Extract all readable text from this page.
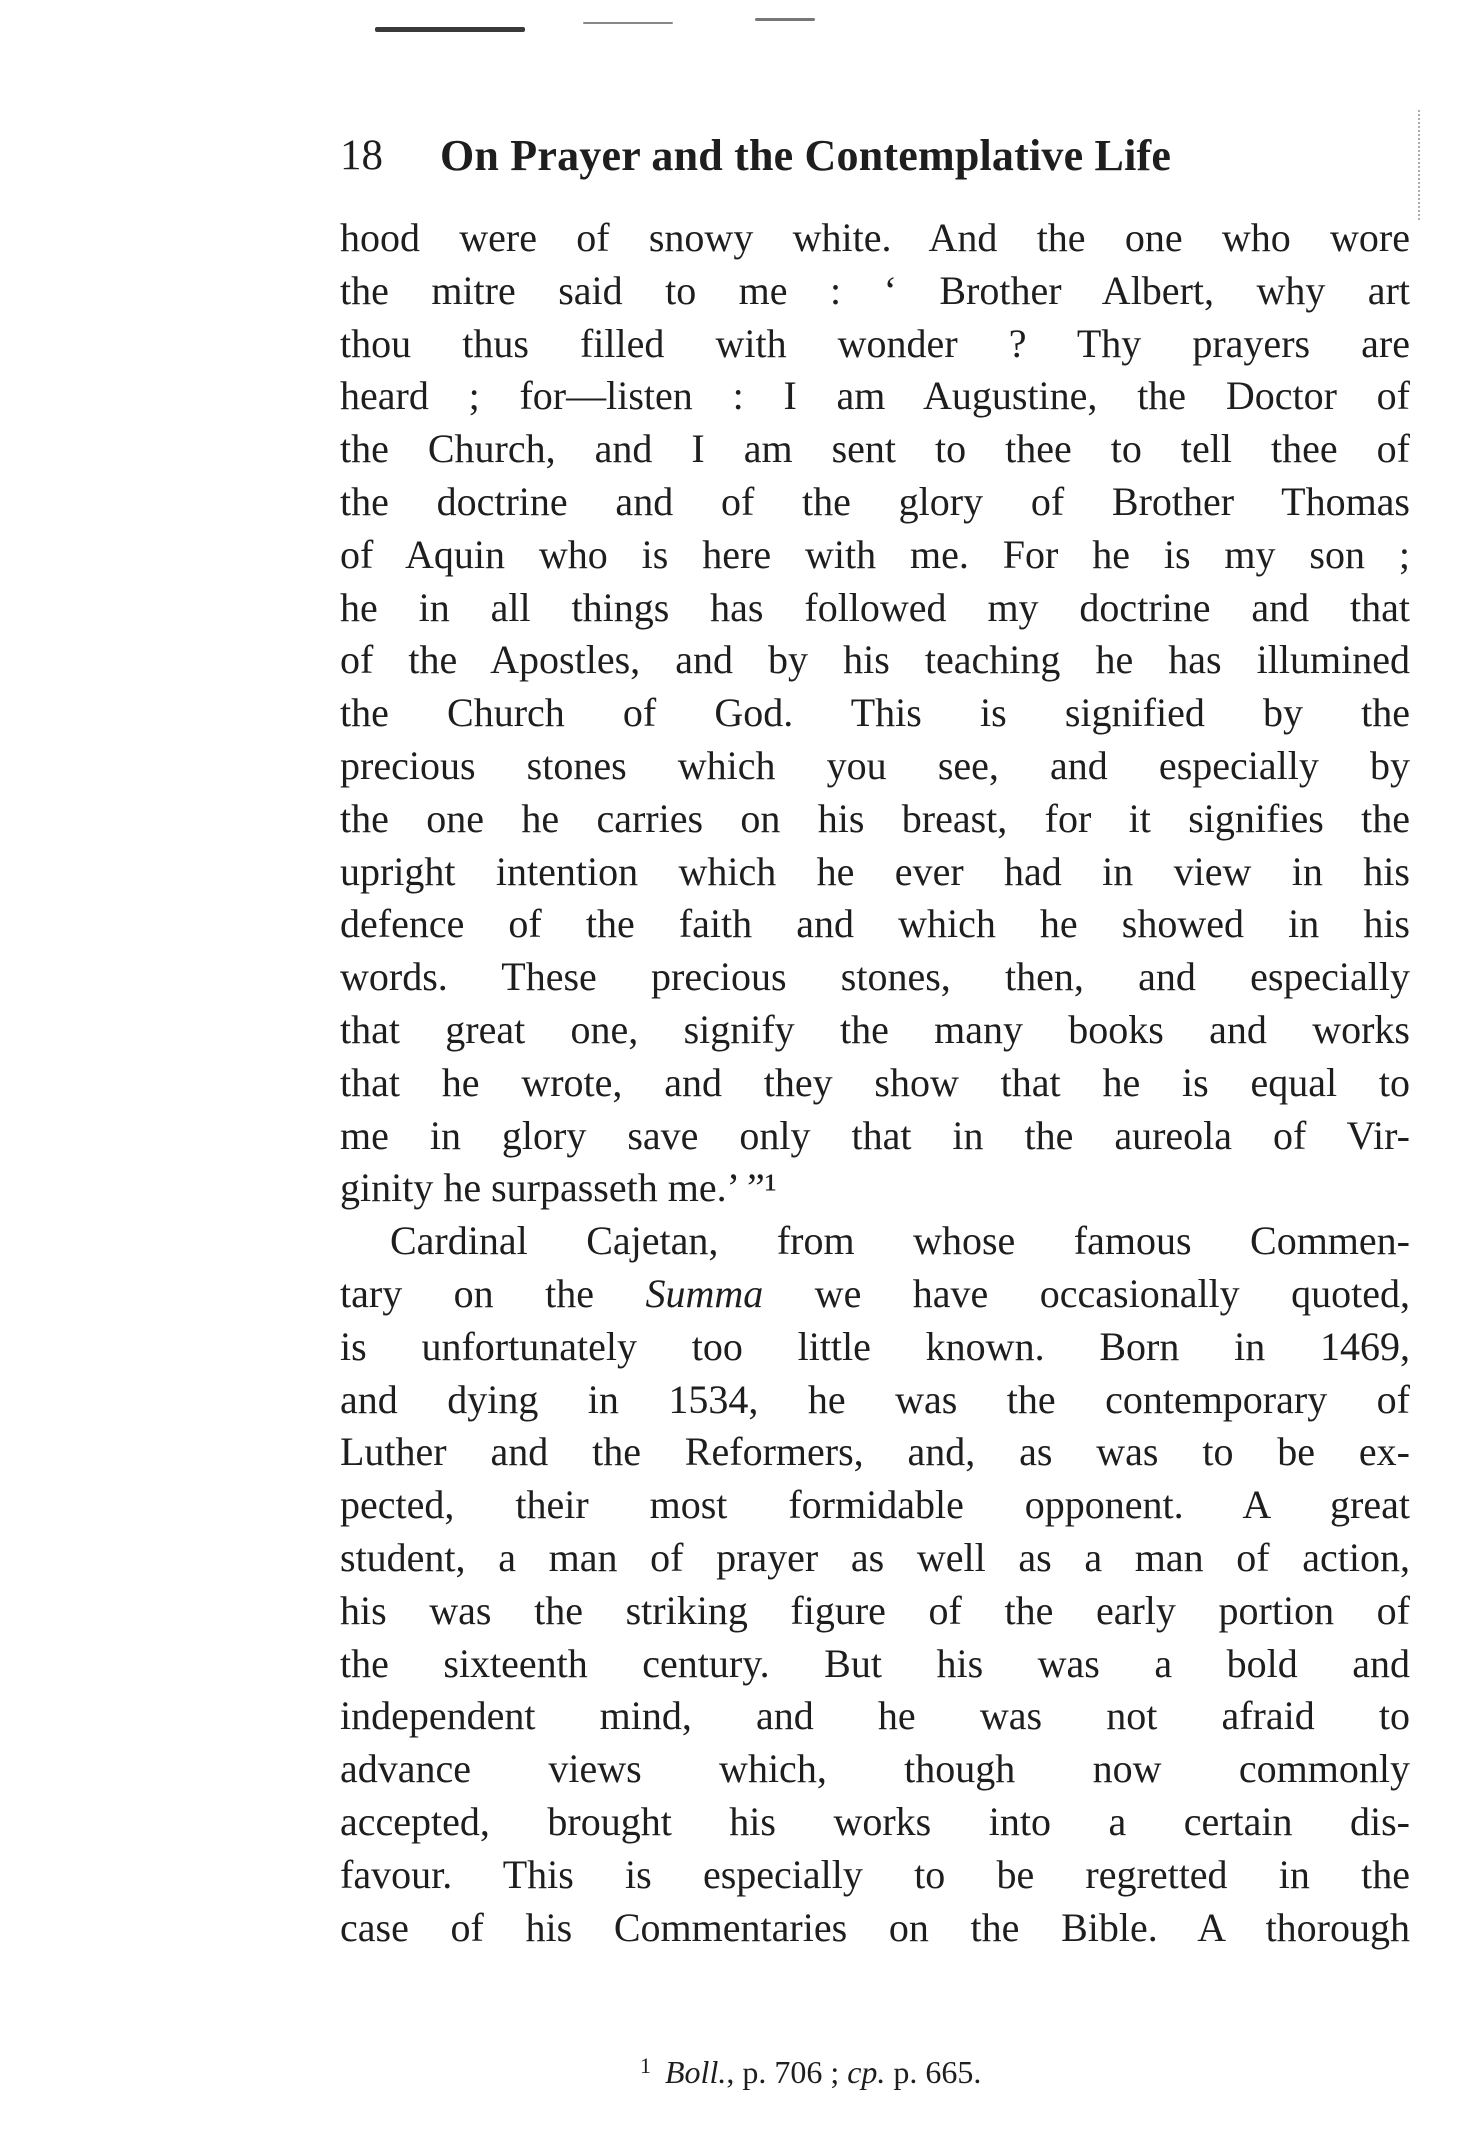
18 On Prayer and the Contemplative Life
hood were of snowy white. And the one who wore
the mitre said to me : ‘ Brother Albert, why art
thou thus filled with wonder ? Thy prayers are
heard ; for—listen : I am Augustine, the Doctor of
the Church, and I am sent to thee to tell thee of
the doctrine and of the glory of Brother Thomas
of Aquin who is here with me. For he is my son ;
he in all things has followed my doctrine and that
of the Apostles, and by his teaching he has illumined
the Church of God. This is signified by the
precious stones which you see, and especially by
the one he carries on his breast, for it signifies the
upright intention which he ever had in view in his
defence of the faith and which he showed in his
words. These precious stones, then, and especially
that great one, signify the many books and works
that he wrote, and they show that he is equal to
me in glory save only that in the aureola of Vir-
ginity he surpasseth me.’ ”¹
Cardinal Cajetan, from whose famous Commen-
tary on the Summa we have occasionally quoted,
is unfortunately too little known. Born in 1469,
and dying in 1534, he was the contemporary of
Luther and the Reformers, and, as was to be ex-
pected, their most formidable opponent. A great
student, a man of prayer as well as a man of action,
his was the striking figure of the early portion of
the sixteenth century. But his was a bold and
independent mind, and he was not afraid to
advance views which, though now commonly
accepted, brought his works into a certain dis-
favour. This is especially to be regretted in the
case of his Commentaries on the Bible. A thorough
$^1$ Boll., p. 706 ; cp. p. 665.
